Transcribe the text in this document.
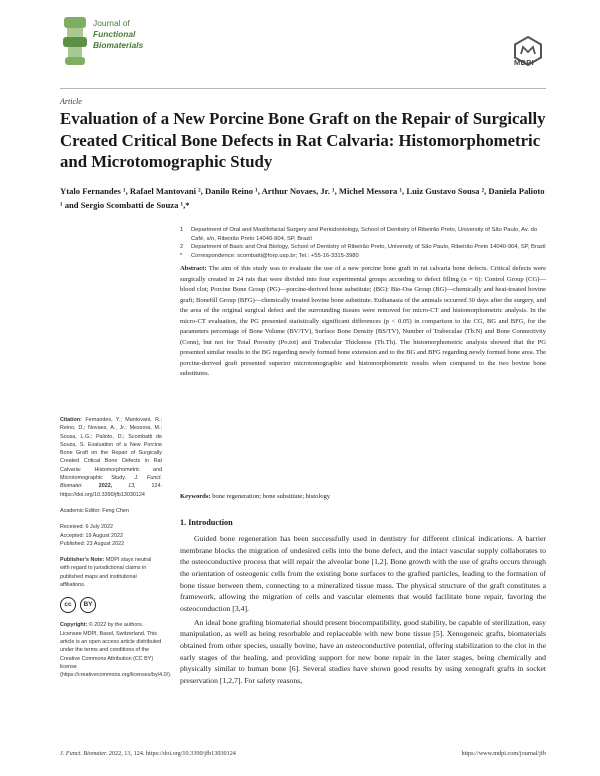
Journal of
Functional
Biomaterials
MDPI
Article
Evaluation of a New Porcine Bone Graft on the Repair of Surgically Created Critical Bone Defects in Rat Calvaria: Histomorphometric and Microtomographic Study
Ytalo Fernandes ¹, Rafael Mantovani ², Danilo Reino ¹, Arthur Novaes, Jr. ¹, Michel Messora ¹, Luiz Gustavo Sousa ², Daniela Palioto ¹ and Sergio Scombatti de Souza ¹,*
1	Department of Oral and Maxillofacial Surgery and Periodontology, School of Dentistry of Ribeirão Preto, University of São Paulo, Av. do Café, s/n, Ribeirão Preto 14040-904, SP, Brazil
2	Department of Basic and Oral Biology, School of Dentistry of Ribeirão Preto, University of São Paulo, Ribeirão Preto 14040-904, SP, Brazil
*	Correspondence: scombatti@forp.usp.br; Tel.: +55-16-3315-3980
Abstract: The aim of this study was to evaluate the use of a new porcine bone graft in rat calvaria bone defects. Critical defects were surgically created in 24 rats that were divided into four experimental groups according to defect filling (n = 6): Control Group (CG)—blood clot; Porcine Bone Group (PG)—porcine-derived bone substitute; (BG): Bio-Oss Group (BG)—chemically and heat-treated bovine graft; Bonefill Group (BFG)—chemically treated bovine bone substitute. Euthanasia of the animals occurred 30 days after the surgery, and the area of the original surgical defect and the surrounding tissues were removed for micro-CT and histomorphometric analysis. In the micro-CT evaluation, the PG presented statistically significant differences (p < 0.05) in comparison to the CG, BG and BFG, for the parameters percentage of Bone Volume (BV/TV), Surface Bone Density (BS/TV), Number of Trabeculae (Tb.N) and Bone Connectivity (Conn), but not for Total Porosity (Po.tot) and Trabecular Thickness (Tb.Th). The histomorphometric analysis showed that the PG presented similar results to the BG regarding newly formed bone extension and to the BG and BFG regarding newly formed bone area. The porcine-derived graft presented superior microtomographic and histomorphometric results when compared to the two bovine bone substitutes.
Keywords: bone regeneration; bone substitute; histology
Citation: Fernandes, Y.; Mantovani, R.; Reino, D.; Novaes, A., Jr.; Messora, M.; Sousa, L.G.; Palioto, D.; Scombatti de Souza, S. Evaluation of a New Porcine Bone Graft on the Repair of Surgically Created Critical Bone Defects in Rat Calvaria: Histomorphometric and Microtomographic Study. J. Funct. Biomater.	2022,	13,	124. https://doi.org/10.3390/jfb13030124
Academic Editor: Feng Chen
Received: 6 July 2022
Accepted: 19 August 2022
Published: 23 August 2022
Publisher’s Note: MDPI stays neutral with regard to jurisdictional claims in published maps and institutional affiliations.
cc	BY
Copyright: © 2022 by the authors. Licensee MDPI, Basel, Switzerland. This article is an open access article distributed under the terms and conditions of the Creative Commons Attribution (CC BY) license (https://creativecommons.org/licenses/by/4.0/).
1. Introduction

Guided bone regeneration has been successfully used in dentistry for different clinical indications. A barrier membrane blocks the migration of undesired cells into the bone defect, and the intact vascular supply collaborates to the osteoconductive process that will repair the alveolar bone [1,2]. Bone growth with the use of grafts occurs through the orientation of osteogenic cells from the existing bone surfaces to the grafted particles, leading to the formation of bone tissue between them, connecting to a mineralized tissue mass. The physical structure of the graft constitutes a framework, allowing the migration of cells and vascular elements that would facilitate bone repair, favoring the osteoconduction [3,4].

An ideal bone grafting biomaterial should present biocompatibility, good stability, be capable of sterilization, easy manipulation, as well as being resorbable and replaceable with new bone tissue [5]. Xenogeneic grafts, biomaterials obtained from other species, usually bovine, have an osteoconductive potential, offering stabilization to the clot in the early stages of the healing, and providing support for new bone repair in the later stages, being chemically and physically similar to human bone [6]. Several studies have shown good results by using xenograft grafts in socket preservation [1,2,7]. For safety reasons,

J. Funct. Biomater. 2022, 13, 124. https://doi.org/10.3390/jfb13030124	https://www.mdpi.com/journal/jfb
